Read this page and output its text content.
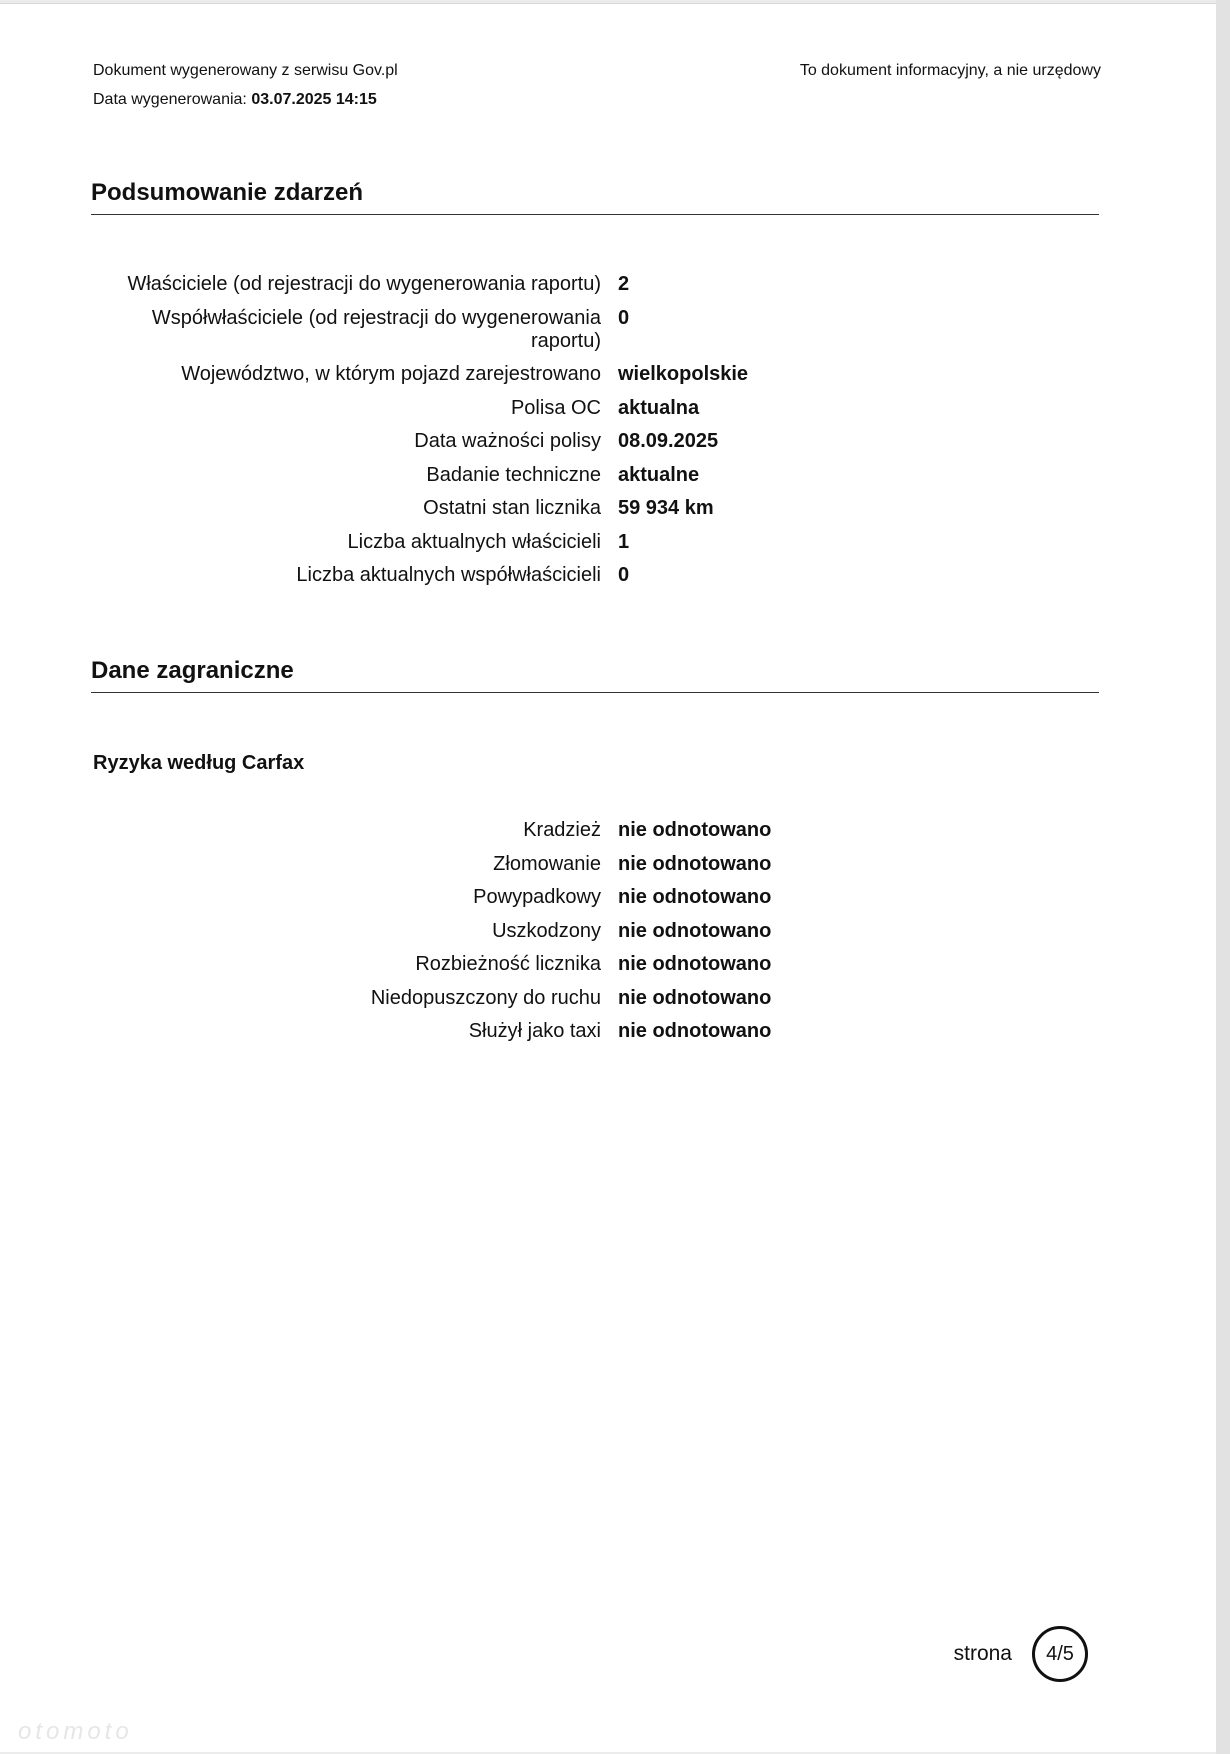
Dokument wygenerowany z serwisu Gov.pl
Data wygenerowania: 03.07.2025 14:15
To dokument informacyjny, a nie urzędowy
Podsumowanie zdarzeń
Właściciele (od rejestracji do wygenerowania raportu)	2
Współwłaściciele (od rejestracji do wygenerowania raportu)	0
Województwo, w którym pojazd zarejestrowano	wielkopolskie
Polisa OC	aktualna
Data ważności polisy	08.09.2025
Badanie techniczne	aktualne
Ostatni stan licznika	59 934 km
Liczba aktualnych właścicieli	1
Liczba aktualnych współwłaścicieli	0
Dane zagraniczne
Ryzyka według Carfax
Kradzież	nie odnotowano
Złomowanie	nie odnotowano
Powypadkowy	nie odnotowano
Uszkodzony	nie odnotowano
Rozbieżność licznika	nie odnotowano
Niedopuszczony do ruchu	nie odnotowano
Służył jako taxi	nie odnotowano
strona 4/5
otomoto
